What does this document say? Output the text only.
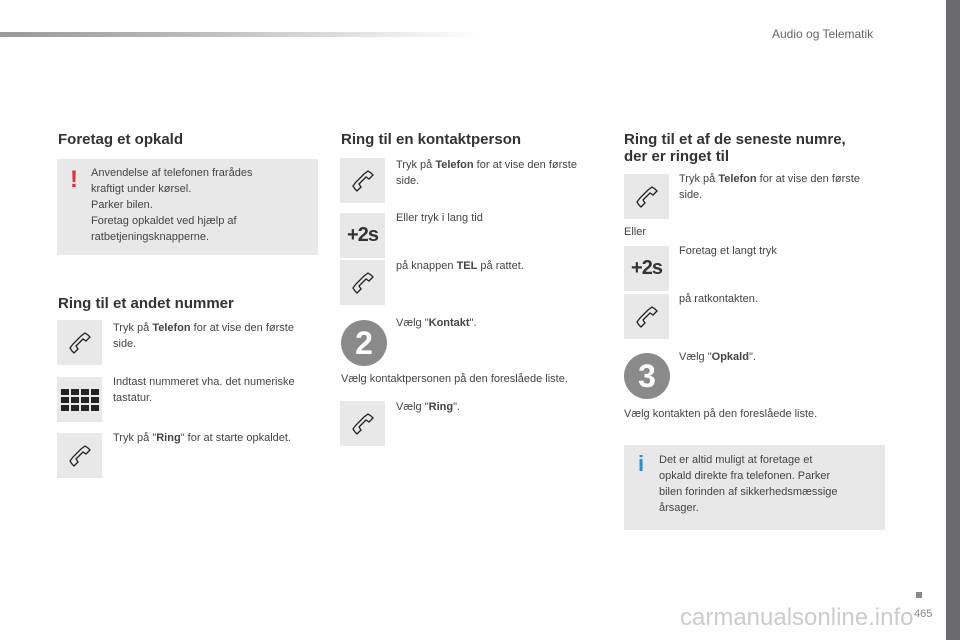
Audio og Telematik
Foretag et opkald
! Anvendelse af telefonen frarådes
kraftigt under kørsel.
Parker bilen.
Foretag opkaldet ved hjælp af
ratbetjeningsknapperne.
Ring til et andet nummer
Tryk på Telefon for at vise den første
side.
Indtast nummeret vha. det numeriske
tastatur.
Tryk på "Ring" for at starte opkaldet.
Ring til en kontaktperson
Tryk på Telefon for at vise den første
side.
+2s
Eller tryk i lang tid
på knappen TEL på rattet.
2
Vælg "Kontakt".
Vælg kontaktpersonen på den foreslåede liste.
Vælg "Ring".
Ring til et af de seneste numre,
der er ringet til
Tryk på Telefon for at vise den første
side.
Eller
+2s
Foretag et langt tryk
på ratkontakten.
3
Vælg "Opkald".
Vælg kontakten på den foreslåede liste.
i Det er altid muligt at foretage et
opkald direkte fra telefonen. Parker
bilen forinden af sikkerhedsmæssige
årsager.
carmanualsonline.info 465
